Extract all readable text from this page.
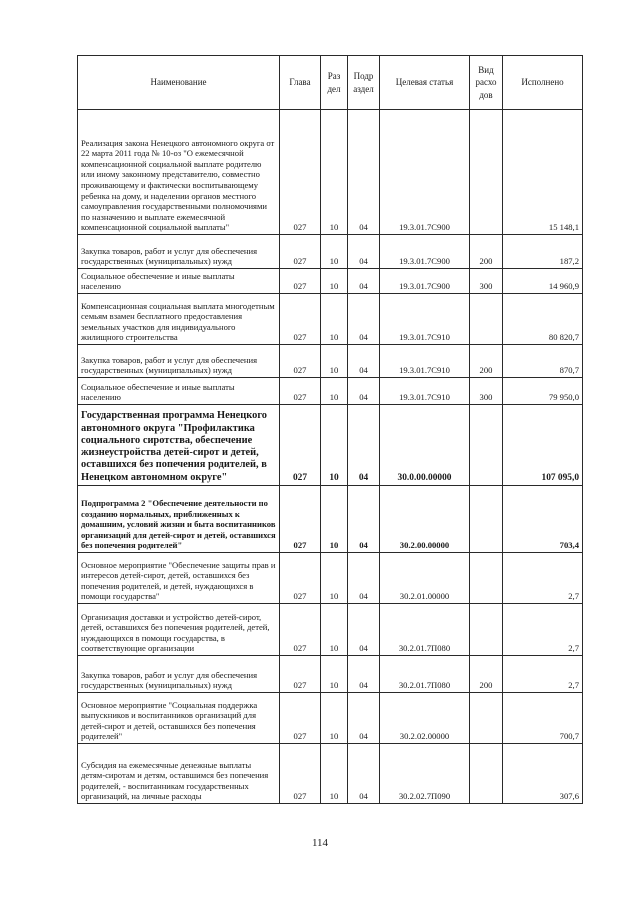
Наименование	Глава	Раз дел	Подр аздел	Целевая статья	Вид расхо дов	Исполнено
Реализация закона Ненецкого автономного округа от 22 марта 2011 года № 10-оз "О ежемесячной компенсационной социальной выплате родителю или иному законному представителю, совместно проживающему и фактически воспитывающему ребенка на дому, и наделении органов местного самоуправления государственными полномочиями по назначению и выплате ежемесячной компенсационной социальной выплаты"	027	10	04	19.3.01.7С900		15 148,1
Закупка товаров, работ и услуг для обеспечения государственных (муниципальных) нужд	027	10	04	19.3.01.7С900	200	187,2
Социальное обеспечение и иные выплаты населению	027	10	04	19.3.01.7С900	300	14 960,9
Компенсационная социальная выплата многодетным семьям взамен бесплатного предоставления земельных участков для индивидуального жилищного строительства	027	10	04	19.3.01.7С910		80 820,7
Закупка товаров, работ и услуг для обеспечения государственных (муниципальных) нужд	027	10	04	19.3.01.7С910	200	870,7
Социальное обеспечение и иные выплаты населению	027	10	04	19.3.01.7С910	300	79 950,0
Государственная программа Ненецкого автономного округа "Профилактика социального сиротства, обеспечение жизнеустройства детей-сирот и детей, оставшихся без попечения родителей, в Ненецком автономном округе"	027	10	04	30.0.00.00000		107 095,0
Подпрограмма 2 "Обеспечение деятельности по созданию нормальных, приближенных к домашним, условий жизни и быта воспитанников организаций для детей-сирот и детей, оставшихся без попечения родителей"	027	10	04	30.2.00.00000		703,4
Основное мероприятие "Обеспечение защиты прав и интересов детей-сирот, детей, оставшихся без попечения родителей, и детей, нуждающихся в помощи государства"	027	10	04	30.2.01.00000		2,7
Организация доставки и устройство детей-сирот, детей, оставшихся без попечения родителей, детей, нуждающихся в помощи государства, в соответствующие организации	027	10	04	30.2.01.7П080		2,7
Закупка товаров, работ и услуг для обеспечения государственных (муниципальных) нужд	027	10	04	30.2.01.7П080	200	2,7
Основное мероприятие "Социальная поддержка выпускников и воспитанников организаций для детей-сирот и детей, оставшихся без попечения родителей"	027	10	04	30.2.02.00000		700,7
Субсидия на ежемесячные денежные выплаты детям-сиротам и детям, оставшимся без попечения родителей, - воспитанникам государственных организаций, на личные расходы	027	10	04	30.2.02.7П090		307,6
114
